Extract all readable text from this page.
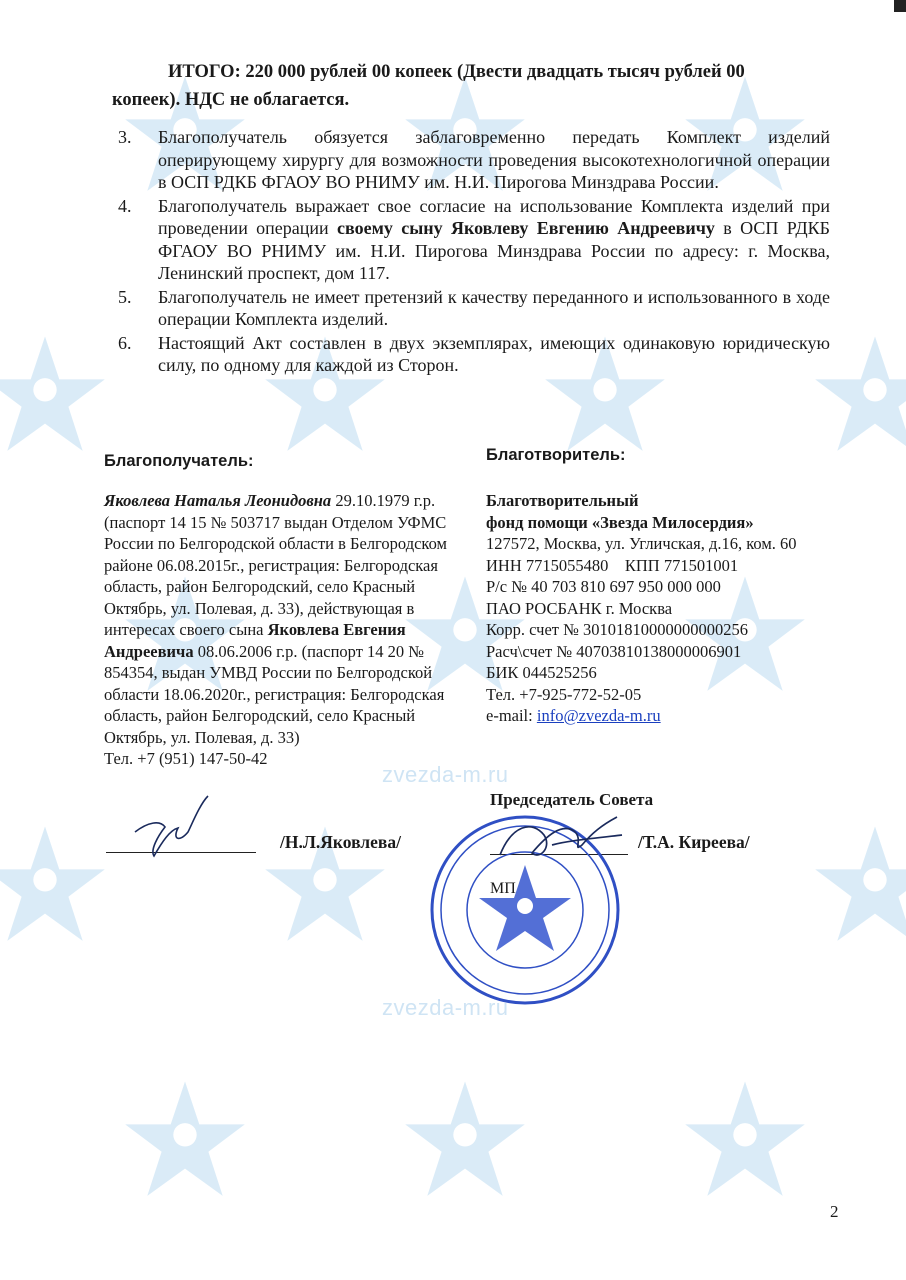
zvezda-m.ru
zvezda-m.ru
ИТОГО: 220 000 рублей 00 копеек (Двести двадцать тысяч рублей 00 копеек). НДС не облагается.
3.	Благополучатель обязуется заблаговременно передать Комплект изделий оперирующему хирургу для возможности проведения высокотехнологичной операции в ОСП РДКБ ФГАОУ ВО РНИМУ им. Н.И. Пирогова Минздрава России.
4.	Благополучатель выражает свое согласие на использование Комплекта изделий при проведении операции своему сыну Яковлеву Евгению Андреевичу в ОСП РДКБ ФГАОУ ВО РНИМУ им. Н.И. Пирогова Минздрава России по адресу: г. Москва, Ленинский проспект, дом 117.
5.	Благополучатель не имеет претензий к качеству переданного и использованного в ходе операции Комплекта изделий.
6.	Настоящий Акт составлен в двух экземплярах, имеющих одинаковую юридическую силу, по одному для каждой из Сторон.
Благополучатель:	Благотворитель:
Яковлева Наталья Леонидовна 29.10.1979 г.р. (паспорт 14 15 № 503717 выдан Отделом УФМС России по Белгородской области в Белгородском районе 06.08.2015г., регистрация: Белгородская область, район Белгородский, село Красный Октябрь, ул. Полевая, д. 33), действующая в интересах своего сына Яковлева Евгения Андреевича 08.06.2006 г.р. (паспорт 14 20 № 854354, выдан УМВД России по Белгородской области 18.06.2020г., регистрация: Белгородская область, район Белгородский, село Красный Октябрь, ул. Полевая, д. 33)
Тел. +7 (951) 147-50-42
Благотворительный
фонд помощи «Звезда Милосердия»
127572, Москва, ул. Угличская, д.16, ком. 60
ИНН 7715055480 КПП 771501001
Р/с № 40 703 810 697 950 000 000
ПАО РОСБАНК г. Москва
Корр. счет № 30101810000000000256
Расч\счет № 40703810138000006901
БИК 044525256
Тел. +7-925-772-52-05
e-mail: info@zvezda-m.ru
Председатель Совета
/Н.Л.Яковлева/	/Т.А. Киреева/
МП
2
